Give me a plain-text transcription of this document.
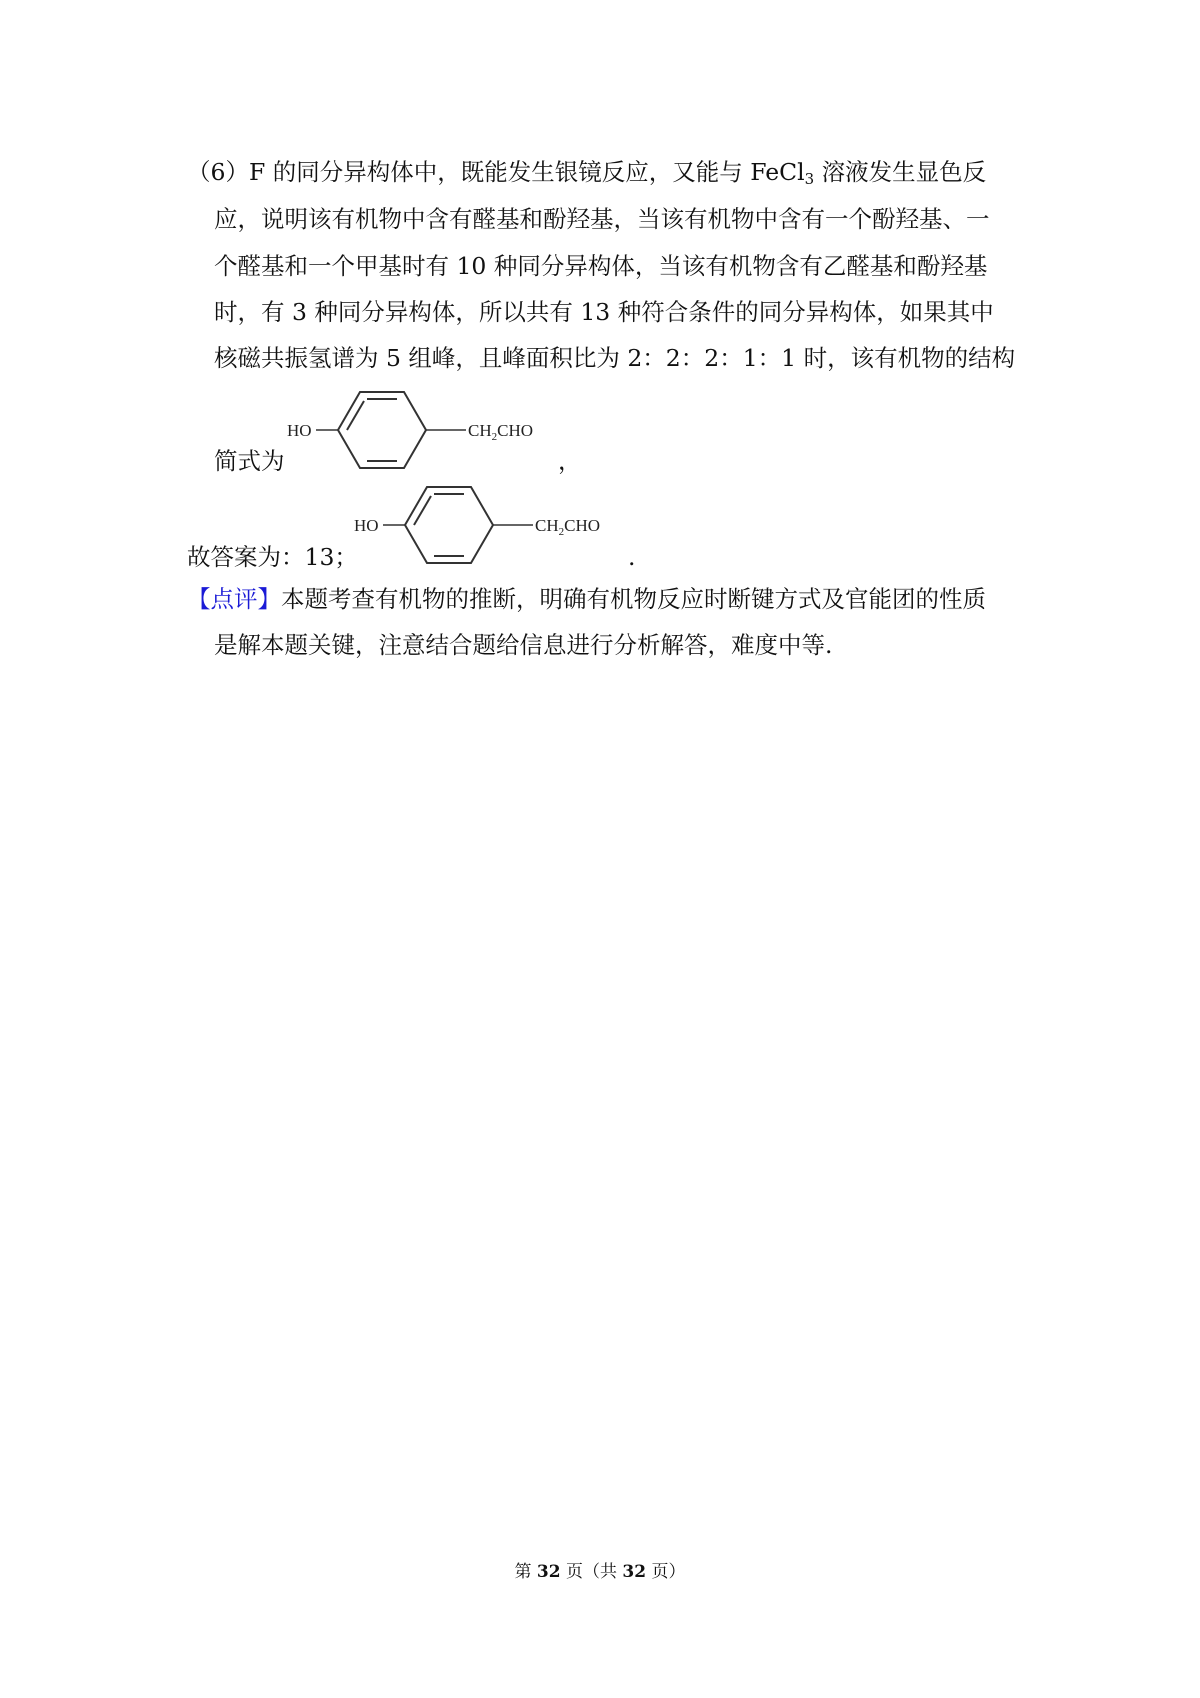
（6）F 的同分异构体中，既能发生银镜反应，又能与 FeCl$_3$ 溶液发生显色反
应，说明该有机物中含有醛基和酚羟基，当该有机物中含有一个酚羟基、一
个醛基和一个甲基时有 10 种同分异构体，当该有机物含有乙醛基和酚羟基
时，有 3 种同分异构体，所以共有 13 种符合条件的同分异构体，如果其中
核磁共振氢谱为 5 组峰，且峰面积比为 2：2：2：1：1 时，该有机物的结构
简式为	，
故答案为：13；	.
HO	$CH_2CHO$
HO	$CH_2CHO$
【点评】本题考查有机物的推断，明确有机物反应时断键方式及官能团的性质
是解本题关键，注意结合题给信息进行分析解答，难度中等.
第 32 页（共 32 页）
